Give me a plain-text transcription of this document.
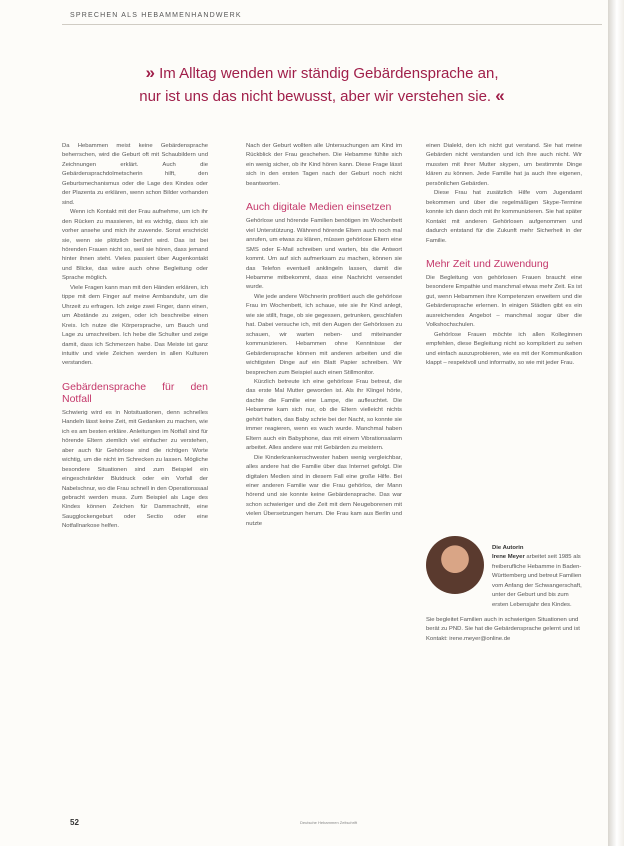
SPRECHEN ALS HEBAMMENHANDWERK
» Im Alltag wenden wir ständig Gebärdensprache an,
nur ist uns das nicht bewusst, aber wir verstehen sie. «

Da Hebammen meist keine Gebärdensprache beherrschen, wird die Geburt oft mit Schaubildern und Zeichnungen erklärt. Auch die Gebärdensprachdolmetscherin hilft, den Geburtsmechanismus oder die Lage des Kindes oder der Plazenta zu erklären, wenn schon Bilder vorhanden sind.

Wenn ich Kontakt mit der Frau aufnehme, um ich ihr den Rücken zu massieren, ist es wichtig, dass ich sie vorher ansehe und mich ihr zuwende. Sonst erschrickt sie, wenn sie plötzlich berührt wird. Das ist bei hörenden Frauen nicht so, weil sie hören, dass jemand hinter ihnen steht. Vieles passiert über Augenkontakt und Blicke, das wäre auch ohne Begleitung oder Sprache möglich.

Viele Fragen kann man mit den Händen erklären, ich tippe mit dem Finger auf meine Armbanduhr, um die Uhrzeit zu erfragen. Ich zeige zwei Finger, dann einen, um Abstände zu zeigen, oder ich beschreibe einen Kreis. Ich nutze die Körpersprache, um Bauch und Lage zu umschreiben. Ich hebe die Schulter und zeige damit, dass ich Schmerzen habe. Das Meiste ist ganz intuitiv und viele Zeichen werden in allen Kulturen verstanden.

Gebärdensprache für den Notfall

Schwierig wird es in Notsituationen, denn schnelles Handeln lässt keine Zeit, mit Gedanken zu machen, wie ich es am besten erkläre. Anleitungen im Notfall sind für hörende Eltern ziemlich viel einfacher zu verstehen, aber auch für Gehörlose sind die richtigen Worte wichtig, um die nicht im Schrecken zu lassen. Mögliche besondere Situationen sind zum Beispiel ein eingeschränkter Blutdruck oder ein Vorfall der Nabelschnur, wo die Frau schnell in den Operationssaal gebracht werden muss. Zum Beispiel als Lage des Kindes können Zeichen für Dammschnitt, eine Saugglockengeburt oder Sectio oder eine Notfallnarkose helfen.

Nach der Geburt wollten alle Untersuchungen am Kind im Rückblick der Frau geschehen. Die Hebamme fühlte sich ein wenig sicher, ob ihr Kind hören kann. Diese Frage lässt sich in den ersten Tagen nach der Geburt noch nicht beantworten.

Auch digitale Medien einsetzen

Gehörlose und hörende Familien benötigen im Wochenbett viel Unterstützung. Während hörende Eltern auch noch mal anrufen, um etwas zu klären, müssen gehörlose Eltern eine SMS oder E-Mail schreiben und warten, bis die Antwort kommt. Um auf sich aufmerksam zu machen, können sie das Telefon eventuell anklingeln lassen, damit die Hebamme mitbekommt, dass eine Nachricht versendet wurde.

Wie jede andere Wöchnerin profitiert auch die gehörlose Frau im Wochenbett, ich schaue, wie sie ihr Kind anlegt, wie sie stillt, frage, ob sie gegessen, getrunken, geschlafen hat. Dabei versuche ich, mit den Augen der Gehörlosen zu schauen, wir warten neben- und miteinander kommunizieren. Hebammen ohne Kenntnisse der Gebärdensprache können mit anderen arbeiten und die wichtigsten Dinge auf ein Blatt Papier schreiben. Wir besprechen zum Beispiel auch einen Stillmonitor.

Kürzlich betreute ich eine gehörlose Frau betreut, die das erste Mal Mutter geworden ist. Als ihr Klingel hörte, dachte die Familie eine Lampe, die aufleuchtet. Die Hebamme kam sich nur, ob die Eltern vielleicht nichts gehört hatten, das Baby schrie bei der Nacht, so konnte sie immer reagieren, wenn es wach wurde. Manchmal haben Eltern auch ein Babyphone, das mit einem Vibrationsalarm arbeitet. Alles andere war mit Gebärden zu meistern.

Die Kinderkrankenschwester haben wenig vergleichbar, alles andere hat die Familie über das Internet gefolgt. Die digitalen Medien sind in diesem Fall eine große Hilfe. Bei einer anderen Familie war die Frau gehörlos, der Mann hörend und sie konnte keine Gebärdensprache. Das war schon schwieriger und die Zeit mit dem Neugeborenen mit vielen Übersetzungen herum. Die Frau kam aus Berlin und nutzte

einen Dialekt, den ich nicht gut verstand. Sie hat meine Gebärden nicht verstanden und ich ihre auch nicht. Wir mussten mit ihrer Mutter skypen, um bestimmte Dinge klären zu können. Jede Familie hat ja auch ihre eigenen, persönlichen Gebärden.

Diese Frau hat zusätzlich Hilfe vom Jugendamt bekommen und über die regelmäßigen Skype-Termine konnte ich dann doch mit ihr kommunizieren. Sie hat später Kontakt mit anderen Gehörlosen aufgenommen und dadurch entstand für die Zukunft mehr Sicherheit in der Familie.

Mehr Zeit und Zuwendung

Die Begleitung von gehörlosen Frauen braucht eine besondere Empathie und manchmal etwas mehr Zeit. Es ist gut, wenn Hebammen ihre Kompetenzen erweitern und die Gebärdensprache erlernen. In einigen Städten gibt es ein ausreichendes Angebot – manchmal sogar über die Volkshochschulen.

Gehörlose Frauen möchte ich allen Kolleginnen empfehlen, diese Begleitung nicht so kompliziert zu sehen und einfach auszuprobieren, wie es mit der Kommunikation klappt – respektvoll und informativ, so wie mit jeder Frau.

Die Autorin
Irene Meyer arbeitet seit 1985 als freiberufliche Hebamme in Baden-Württemberg und betreut Familien vom Anfang der Schwangerschaft, unter der Geburt und bis zum ersten Lebensjahr des Kindes.
Sie begleitet Familien auch in schwierigen Situationen und berät zu PND. Sie hat die Gebärdensprache gelernt und ist Kontakt: irene.meyer@online.de
52	Deutsche Hebammen Zeitschrift
